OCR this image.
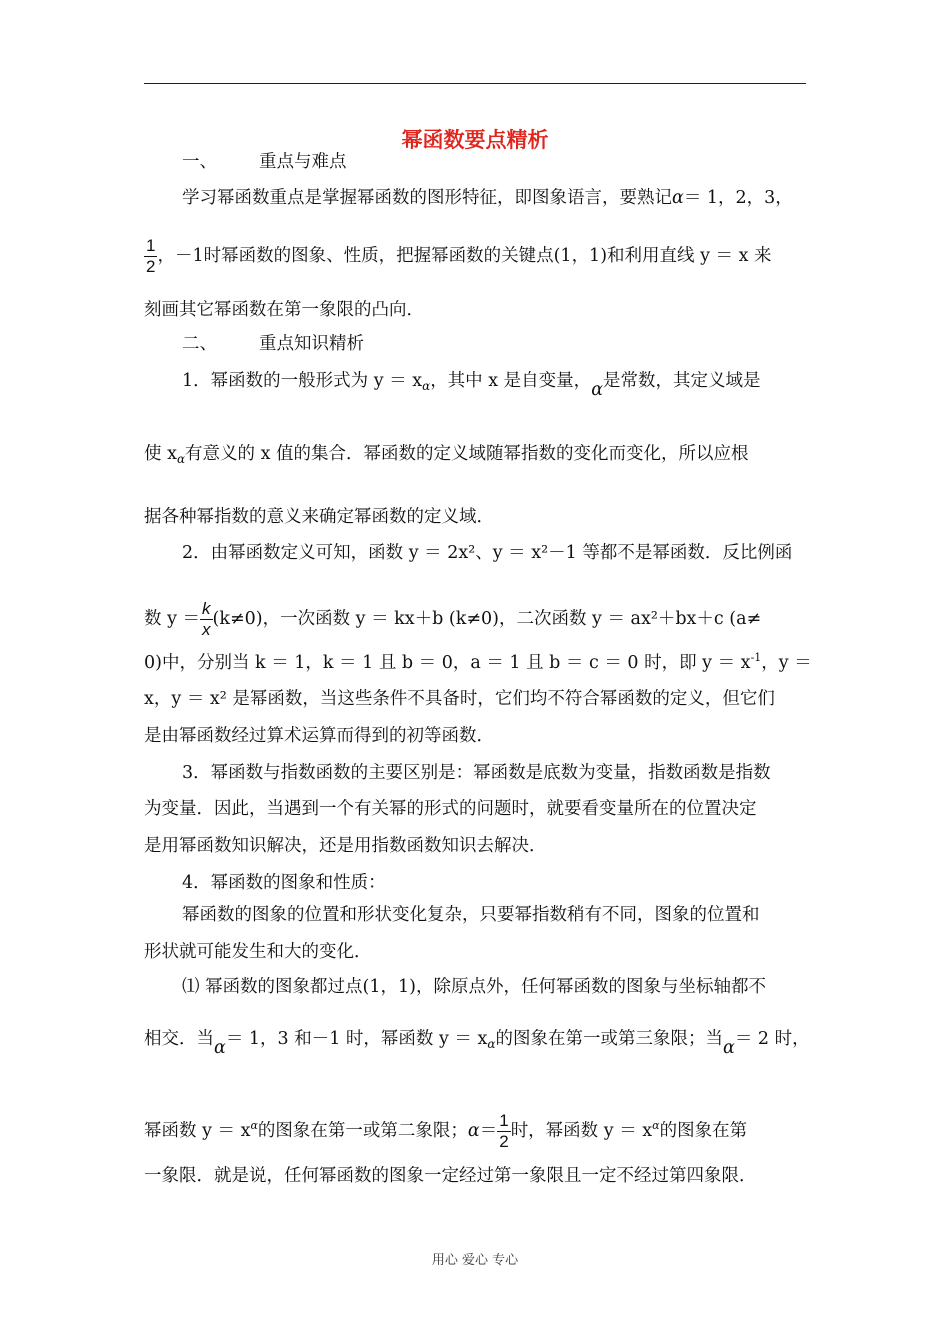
幂函数要点精析
一、 重点与难点
学习幂函数重点是掌握幂函数的图形特征，即图象语言，要熟记α＝ 1，2，3，
$\frac{1}{2}$ ，－1时幂函数的图象、性质，把握幂函数的关键点(1，1)和利用直线 y ＝ x 来
刻画其它幂函数在第一象限的凸向．
二、 重点知识精析
1．幂函数的一般形式为 $y = x_\alpha$，其中 x 是自变量，α是常数，其定义域是
使 $x_\alpha$有意义的 x 值的集合．幂函数的定义域随幂指数的变化而变化，所以应根
据各种幂指数的意义来确定幂函数的定义域．
2．由幂函数定义可知，函数 y ＝ 2x²、y ＝ x²－1 等都不是幂函数．反比例函
数 $y = \frac{k}{x} (k\ne 0)$，一次函数 y ＝ kx＋b (k≠0)，二次函数 y ＝ ax²＋bx＋c (a≠
0)中，分别当 k ＝ 1，k ＝ 1 且 b ＝ 0，a ＝ 1 且 b ＝ c ＝ 0 时，即 $y = x^{-1}$，y ＝
x，y ＝ x² 是幂函数，当这些条件不具备时，它们均不符合幂函数的定义，但它们
是由幂函数经过算术运算而得到的初等函数．
3．幂函数与指数函数的主要区别是：幂函数是底数为变量，指数函数是指数
为变量．因此，当遇到一个有关幂的形式的问题时，就要看变量所在的位置决定
是用幂函数知识解决，还是用指数函数知识去解决．
4．幂函数的图象和性质：
幂函数的图象的位置和形状变化复杂，只要幂指数稍有不同，图象的位置和
形状就可能发生和大的变化．
⑴ 幂函数的图象都过点(1，1)，除原点外，任何幂函数的图象与坐标轴都不
相交．当α＝ 1，3 和－1 时，幂函数 $y = x_\alpha$的图象在第一或第三象限；当α＝ 2 时，
幂函数 $y = x^\alpha$的图象在第一或第二象限；$\alpha= \frac{1}{2}$ 时，幂函数 $y = x^\alpha$的图象在第
一象限．就是说，任何幂函数的图象一定经过第一象限且一定不经过第四象限．
用心 爱心 专心
